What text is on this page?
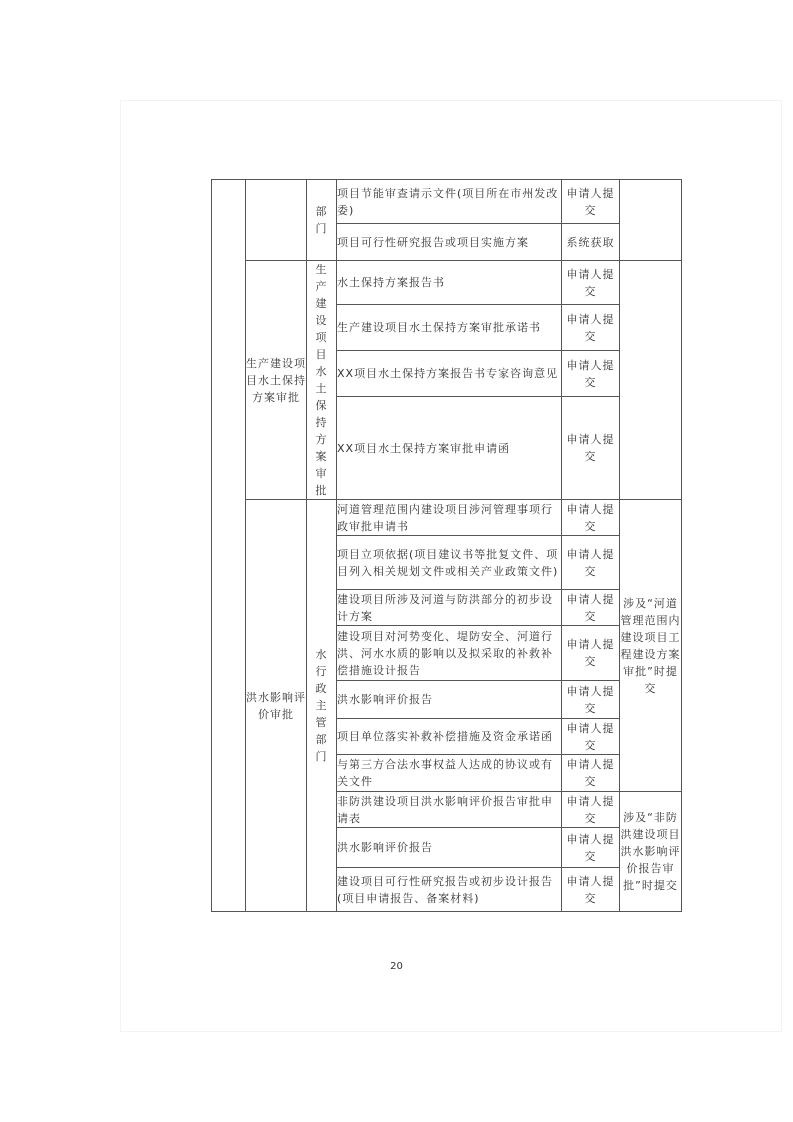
		部门	项目节能审查请示文件(项目所在市州发改委)	申请人提交	
			项目可行性研究报告或项目实施方案	系统获取	
	生产建设项目水土保持方案审批	生产建设项目水土保持方案审批	水土保持方案报告书	申请人提交	
			生产建设项目水土保持方案审批承诺书	申请人提交	
			XX项目水土保持方案报告书专家咨询意见	申请人提交	
			XX项目水土保持方案审批申请函	申请人提交	
	洪水影响评价审批	水行政主管部门	河道管理范围内建设项目涉河管理事项行政审批申请书	申请人提交	涉及“河道管理范围内建设项目工程建设方案审批”时提交
			项目立项依据(项目建议书等批复文件、项目列入相关规划文件或相关产业政策文件)	申请人提交	
			建设项目所涉及河道与防洪部分的初步设计方案	申请人提交	
			建设项目对河势变化、堤防安全、河道行洪、河水水质的影响以及拟采取的补救补偿措施设计报告	申请人提交	
			洪水影响评价报告	申请人提交	
			项目单位落实补救补偿措施及资金承诺函	申请人提交	
			与第三方合法水事权益人达成的协议或有关文件	申请人提交	
			非防洪建设项目洪水影响评价报告审批申请表	申请人提交	涉及“非防洪建设项目洪水影响评价报告审批”时提交
			洪水影响评价报告	申请人提交	
			建设项目可行性研究报告或初步设计报告(项目申请报告、备案材料)	申请人提交	
20
